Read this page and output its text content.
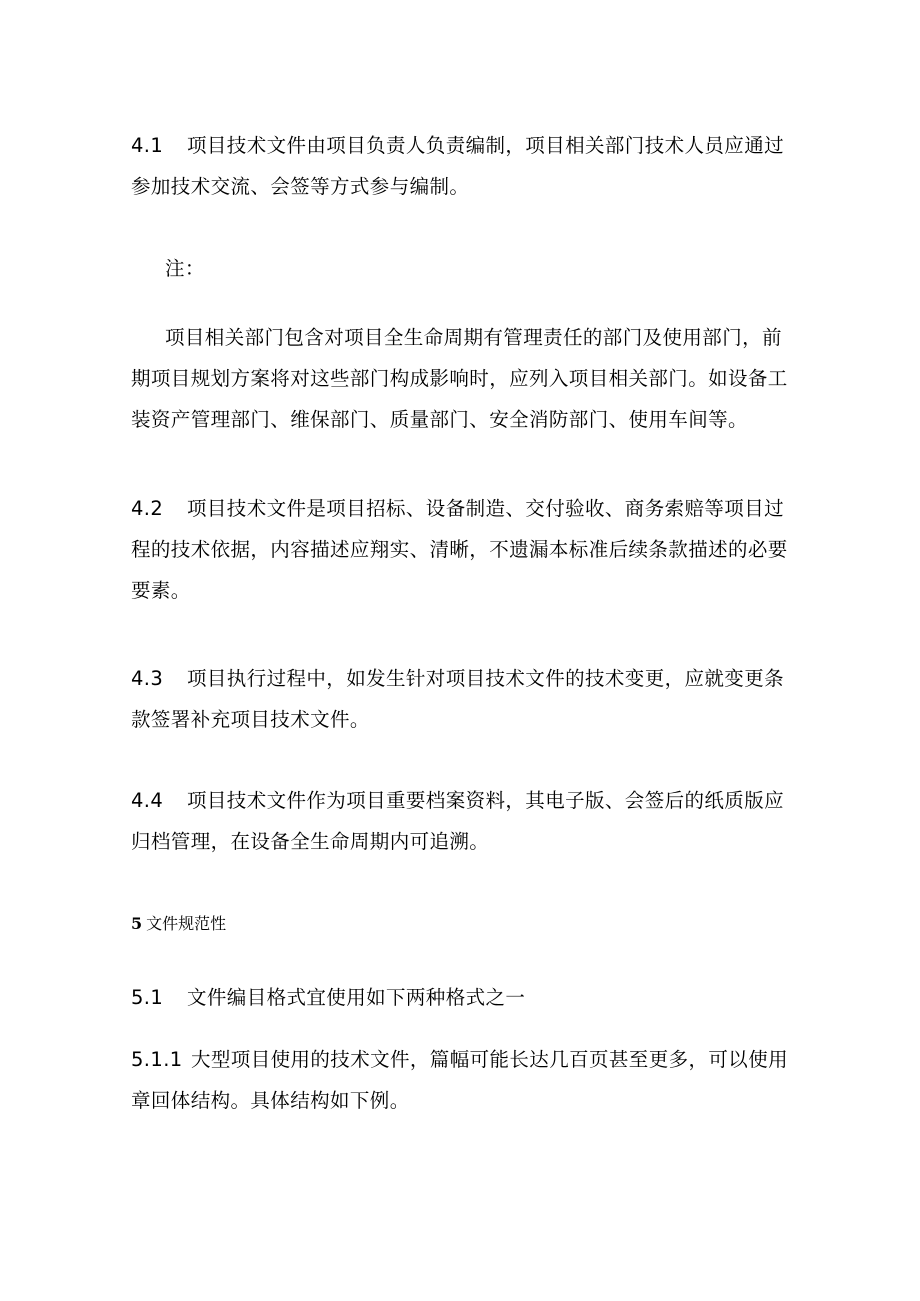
4.1 项目技术文件由项目负责人负责编制，项目相关部门技术人员应通过参加技术交流、会签等方式参与编制。

注：

项目相关部门包含对项目全生命周期有管理责任的部门及使用部门，前期项目规划方案将对这些部门构成影响时，应列入项目相关部门。如设备工装资产管理部门、维保部门、质量部门、安全消防部门、使用车间等。

4.2 项目技术文件是项目招标、设备制造、交付验收、商务索赔等项目过程的技术依据，内容描述应翔实、清晰，不遗漏本标准后续条款描述的必要要素。

4.3 项目执行过程中，如发生针对项目技术文件的技术变更，应就变更条款签署补充项目技术文件。

4.4 项目技术文件作为项目重要档案资料，其电子版、会签后的纸质版应归档管理，在设备全生命周期内可追溯。

5 文件规范性

5.1 文件编目格式宜使用如下两种格式之一

5.1.1 大型项目使用的技术文件，篇幅可能长达几百页甚至更多，可以使用章回体结构。具体结构如下例。
